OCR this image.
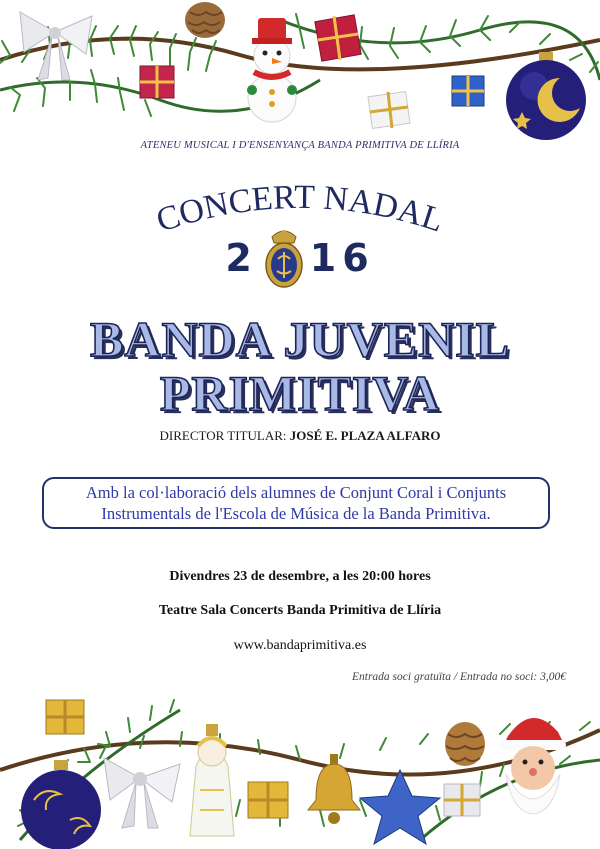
ATENEU MUSICAL I D'ENSENYANÇA BANDA PRIMITIVA DE LLÍRIA
CONCERT NADAL
2 16
BANDA JUVENIL
PRIMITIVA
DIRECTOR TITULAR: JOSÉ E. PLAZA ALFARO
Amb la col·laboració dels alumnes de Conjunt Coral i Conjunts
Instrumentals de l'Escola de Música de la Banda Primitiva.
Divendres 23 de desembre, a les 20:00 hores
Teatre Sala Concerts Banda Primitiva de Llíria
www.bandaprimitiva.es
Entrada soci gratuïta / Entrada no soci: 3,00€
